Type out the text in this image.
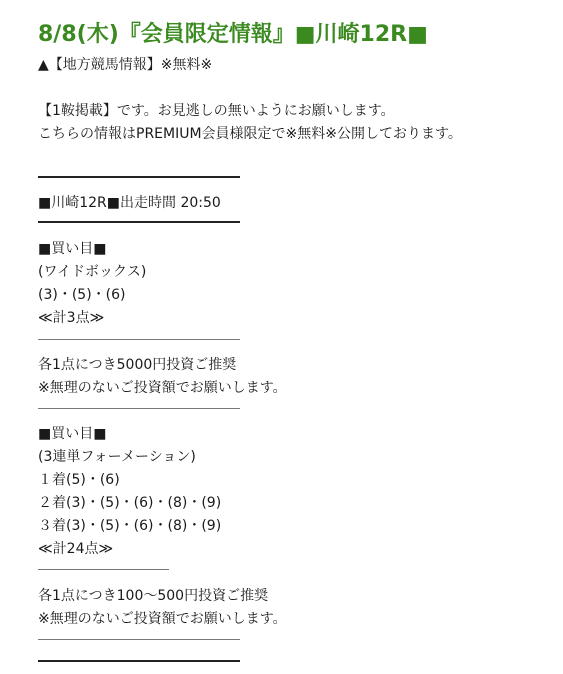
8/8(木)『会員限定情報』■川崎12R■
▲【地方競馬情報】※無料※
【1鞍掲載】です。お見逃しの無いようにお願いします。
こちらの情報はPREMIUM会員様限定で※無料※公開しております。
■川崎12R■出走時間 20:50
■買い目■
(ワイドボックス)
(3)・(5)・(6)
≪計3点≫
各1点につき5000円投資ご推奨
※無理のないご投資額でお願いします。
■買い目■
(3連単フォーメーション)
１着(5)・(6)
２着(3)・(5)・(6)・(8)・(9)
３着(3)・(5)・(6)・(8)・(9)
≪計24点≫
各1点につき100〜500円投資ご推奨
※無理のないご投資額でお願いします。
